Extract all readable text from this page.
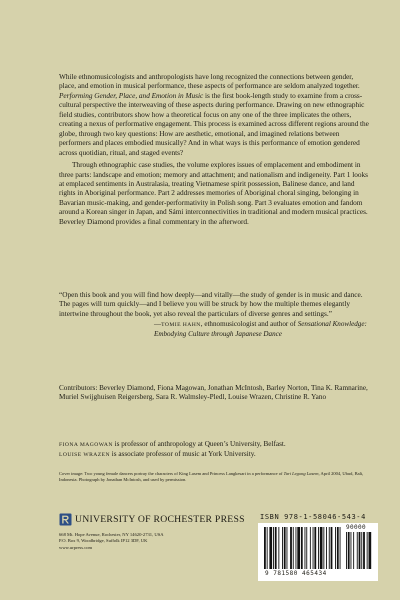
While ethnomusicologists and anthropologists have long recognized the connections between gender, place, and emotion in musical performance, these aspects of performance are seldom analyzed together. Performing Gender, Place, and Emotion in Music is the first book-length study to examine from a cross-cultural perspective the interweaving of these aspects during performance. Drawing on new ethnographic field studies, contributors show how a theoretical focus on any one of the three implicates the others, creating a nexus of performative engagement. This process is examined across different regions around the globe, through two key questions: How are aesthetic, emotional, and imagined relations between performers and places embodied musically? And in what ways is this performance of emotion gendered across quotidian, ritual, and staged events?

Through ethnographic case studies, the volume explores issues of emplacement and embodiment in three parts: landscape and emotion; memory and attachment; and nationalism and indigeneity. Part 1 looks at emplaced sentiments in Australasia, treating Vietnamese spirit possession, Balinese dance, and land rights in Aboriginal performance. Part 2 addresses memories of Aboriginal choral singing, belonging in Bavarian music-making, and gender-performativity in Polish song. Part 3 evaluates emotion and fandom around a Korean singer in Japan, and Sámi interconnectivities in traditional and modern musical practices. Beverley Diamond provides a final commentary in the afterword.

“Open this book and you will find how deeply—and vitally—the study of gender is in music and dance. The pages will turn quickly—and I believe you will be struck by how the multiple themes elegantly intertwine throughout the book, yet also reveal the particulars of diverse genres and settings.”

—TOMIE HAHN, ethnomusicologist and author of Sensational Knowledge: Embodying Culture through Japanese Dance
Contributors: Beverley Diamond, Fiona Magowan, Jonathan McIntosh, Barley Norton, Tina K. Ramnarine, Muriel Swijghuisen Reigersberg, Sara R. Walmsley-Pledl, Louise Wrazen, Christine R. Yano
FIONA MAGOWAN is professor of anthropology at Queen’s University, Belfast.
LOUISE WRAZEN is associate professor of music at York University.
Cover image: Two young female dancers portray the characters of King Lasem and Princess Langkesari in a performance of Tari Legong Lasem, April 2004, Ubud, Bali, Indonesia. Photograph by Jonathan McIntosh, and used by permission.
UNIVERSITY OF ROCHESTER PRESS
668 Mt. Hope Avenue, Rochester, NY 14620-2731, USA
P.O. Box 9, Woodbridge, Suffolk IP12 3DF, UK
www.urpress.com
ISBN 978-1-58046-543-4
9 781580 465434
90000
